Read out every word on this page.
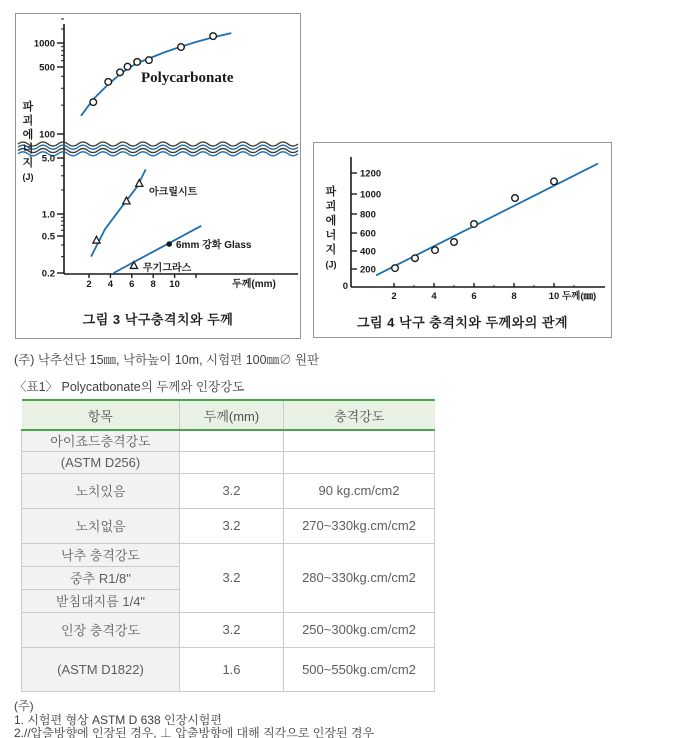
1000
500
100
5.0
1.0
0.5
0.2
2 4 6 8 10	두께(mm)
Polycarbonate
아크릴시트
무기그라스
6mm 강화 Glass
파
괴
에
너
지
(J)
그림 3 낙구충격치와 두께
0
200
400
600
800
1000
1200
2	4	6	8	10 두께(㎜)
파
괴
에
너
지
(J)
그림 4 낙구 충격치와 두께와의 관계
(주) 낙추선단 15㎜, 낙하높이 10m, 시험편 100㎜∅ 원판
〈표1〉 Polycatbonate의 두께와 인장강도
항목	두께(mm)	충격강도
아이죠드충격강도		
(ASTM D256)		
노치있음	3.2	90 kg.cm/cm2
노치없음	3.2	270~330kg.cm/cm2
낙추 충격강도	3.2	280~330kg.cm/cm2
중추 R1/8"		
받침대지름 1/4"		
인장 충격강도	3.2	250~300kg.cm/cm2
(ASTM D1822)	1.6	500~550kg.cm/cm2
(주)
1. 시험편 형상 ASTM D 638 인장시험편
2.//압출방향에 인장된 경우, ⊥ 압출방향에 대해 직각으로 인장된 경우
